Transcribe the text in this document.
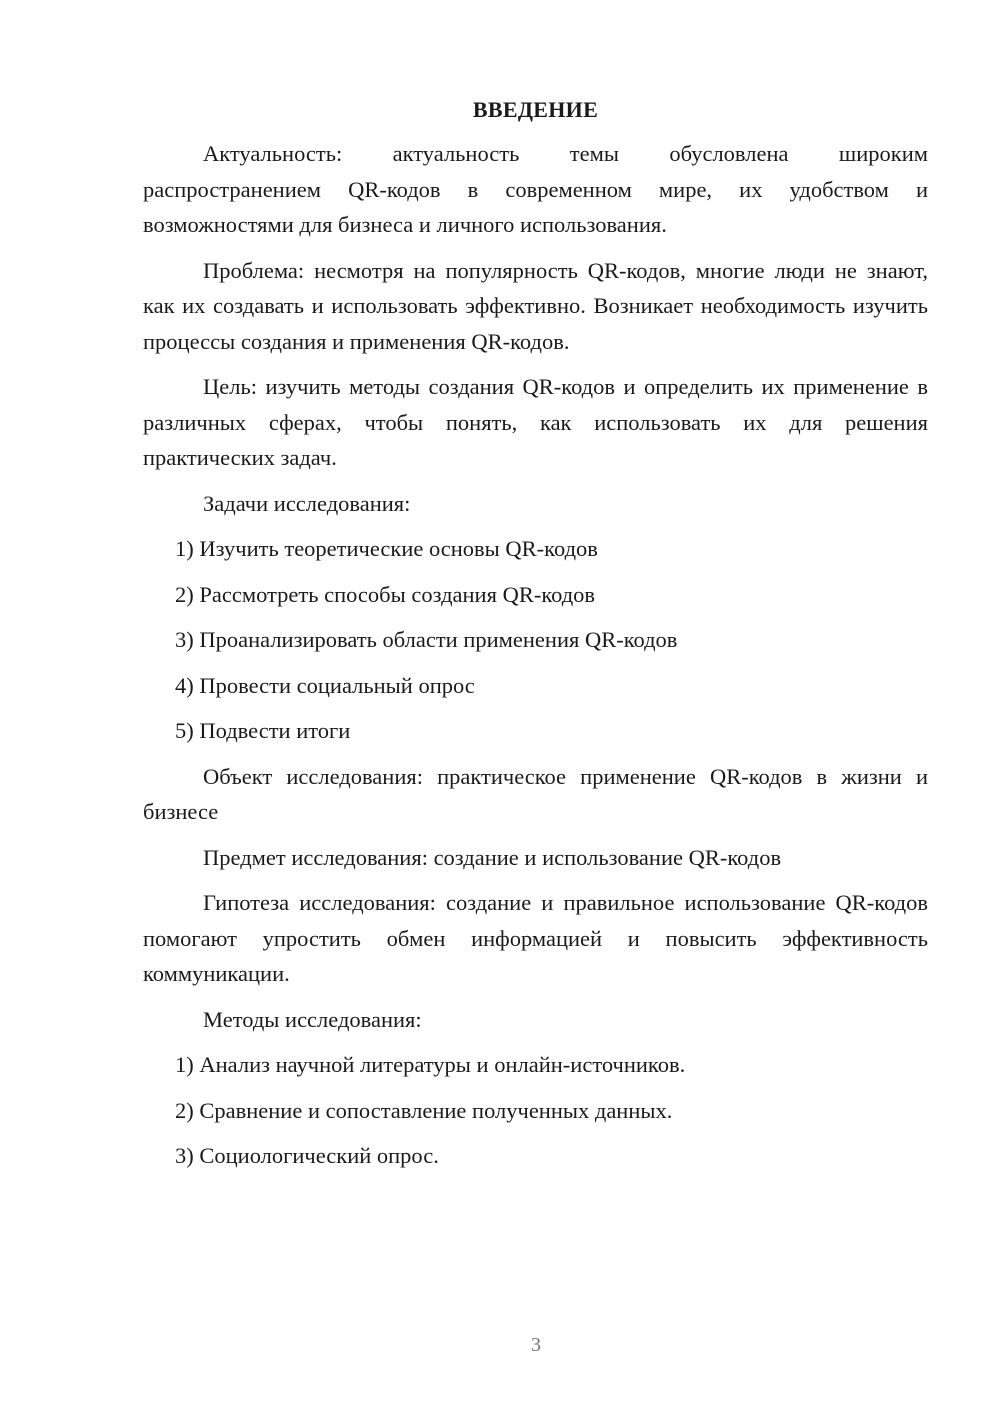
ВВЕДЕНИЕ

Актуальность: актуальность темы обусловлена широким распространением QR-кодов в современном мире, их удобством и возможностями для бизнеса и личного использования.

Проблема: несмотря на популярность QR-кодов, многие люди не знают, как их создавать и использовать эффективно. Возникает необходимость изучить процессы создания и применения QR-кодов.

Цель: изучить методы создания QR-кодов и определить их применение в различных сферах, чтобы понять, как использовать их для решения практических задач.

Задачи исследования:

1) Изучить теоретические основы QR-кодов

2) Рассмотреть способы создания QR-кодов

3) Проанализировать области применения QR-кодов

4) Провести социальный опрос

5) Подвести итоги

Объект исследования: практическое применение QR-кодов в жизни и бизнесе

Предмет исследования: создание и использование QR-кодов

Гипотеза исследования: создание и правильное использование QR-кодов помогают упростить обмен информацией и повысить эффективность коммуникации.

Методы исследования:

1) Анализ научной литературы и онлайн-источников.

2) Сравнение и сопоставление полученных данных.

3) Социологический опрос.

3
